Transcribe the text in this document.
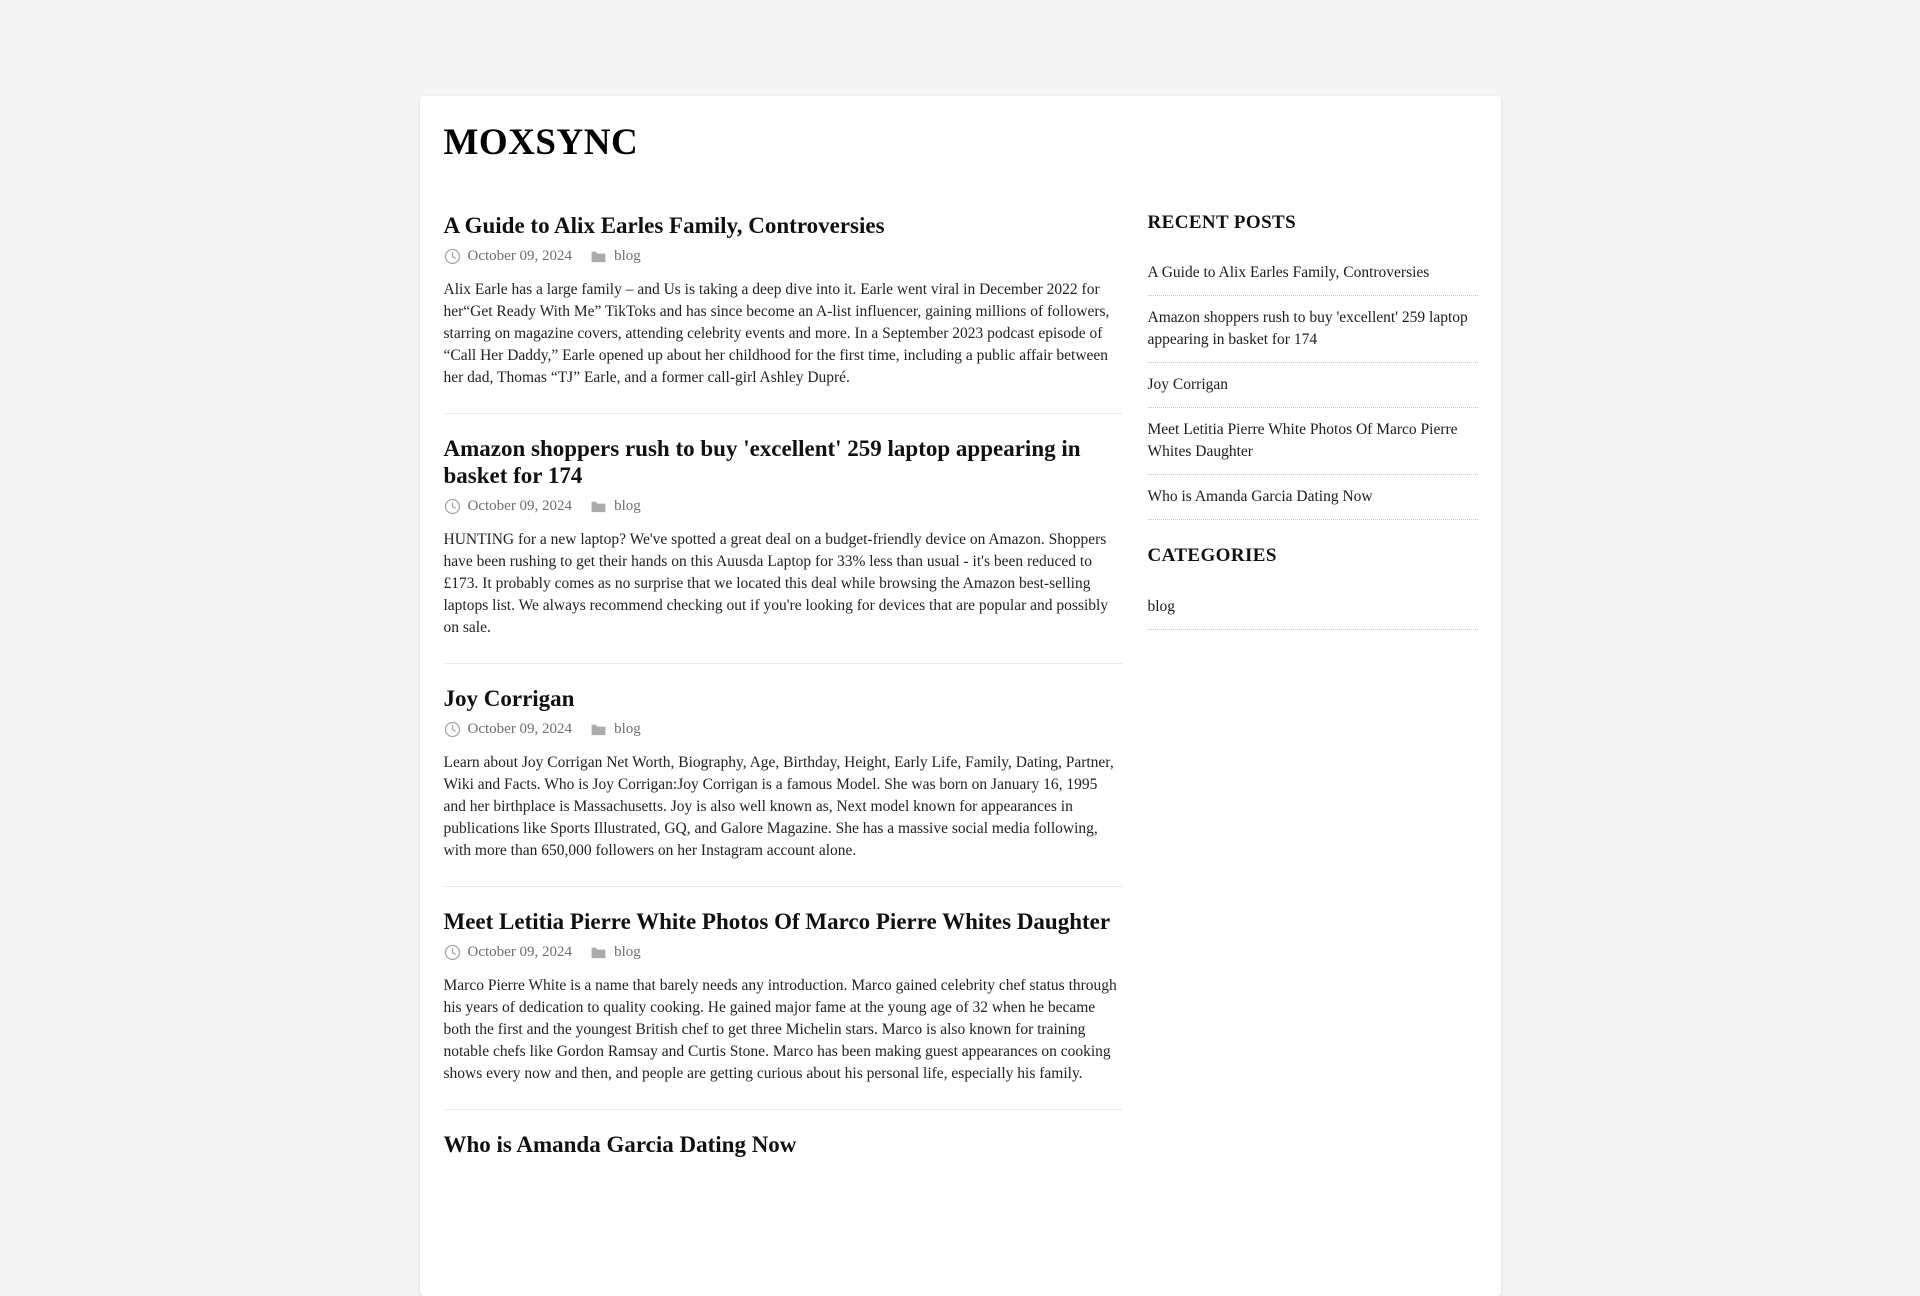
MOXSYNC
A Guide to Alix Earles Family, Controversies
October 09, 2024	blog

Alix Earle has a large family – and Us is taking a deep dive into it. Earle went viral in December 2022 for her“Get Ready With Me” TikToks and has since become an A-list influencer, gaining millions of followers, starring on magazine covers, attending celebrity events and more. In a September 2023 podcast episode of “Call Her Daddy,” Earle opened up about her childhood for the first time, including a public affair between her dad, Thomas “TJ” Earle, and a former call-girl Ashley Dupré.

Amazon shoppers rush to buy 'excellent' 259 laptop appearing in basket for 174
October 09, 2024	blog

HUNTING for a new laptop? We've spotted a great deal on a budget-friendly device on Amazon. Shoppers have been rushing to get their hands on this Auusda Laptop for 33% less than usual - it's been reduced to £173. It probably comes as no surprise that we located this deal while browsing the Amazon best-selling laptops list. We always recommend checking out if you're looking for devices that are popular and possibly on sale.

Joy Corrigan
October 09, 2024	blog

Learn about Joy Corrigan Net Worth, Biography, Age, Birthday, Height, Early Life, Family, Dating, Partner, Wiki and Facts. Who is Joy Corrigan:Joy Corrigan is a famous Model. She was born on January 16, 1995 and her birthplace is Massachusetts. Joy is also well known as, Next model known for appearances in publications like Sports Illustrated, GQ, and Galore Magazine. She has a massive social media following, with more than 650,000 followers on her Instagram account alone.

Meet Letitia Pierre White Photos Of Marco Pierre Whites Daughter
October 09, 2024	blog

Marco Pierre White is a name that barely needs any introduction. Marco gained celebrity chef status through his years of dedication to quality cooking. He gained major fame at the young age of 32 when he became both the first and the youngest British chef to get three Michelin stars. Marco is also known for training notable chefs like Gordon Ramsay and Curtis Stone. Marco has been making guest appearances on cooking shows every now and then, and people are getting curious about his personal life, especially his family.

Who is Amanda Garcia Dating Now
RECENT POSTS
A Guide to Alix Earles Family, Controversies
Amazon shoppers rush to buy 'excellent' 259 laptop appearing in basket for 174
Joy Corrigan
Meet Letitia Pierre White Photos Of Marco Pierre Whites Daughter
Who is Amanda Garcia Dating Now
CATEGORIES
blog
